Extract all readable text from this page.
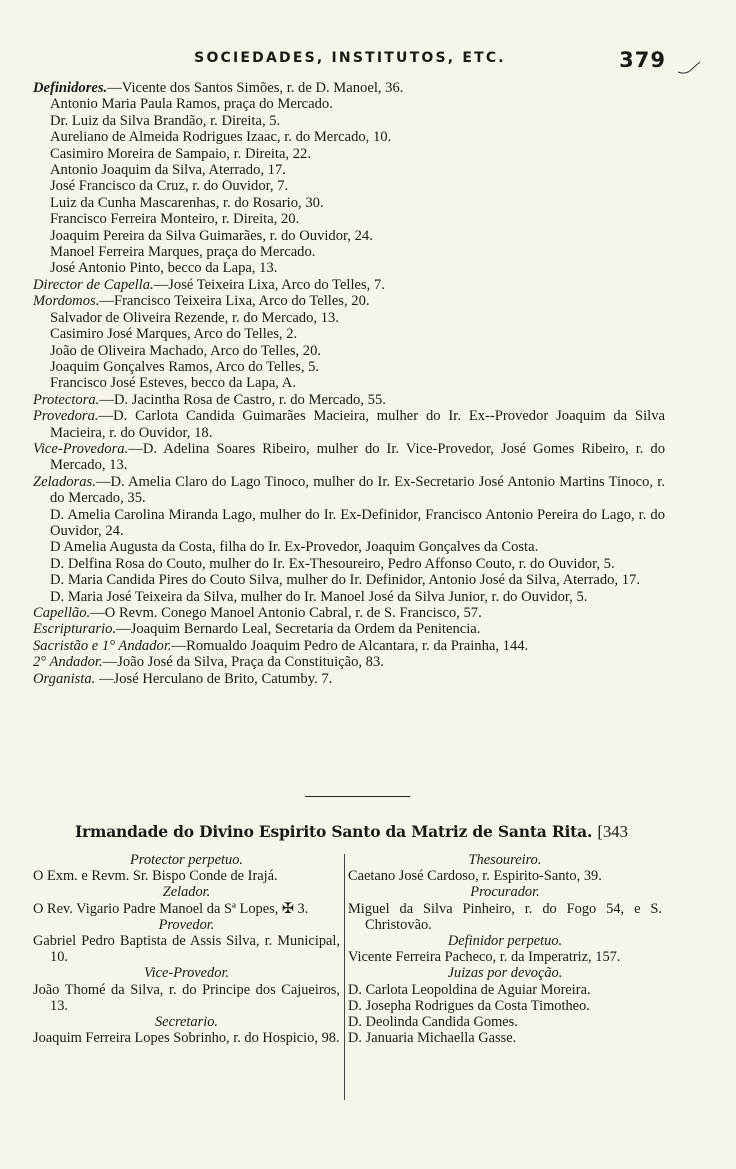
SOCIEDADES, INSTITUTOS, ETC.	379
Definidores.—Vicente dos Santos Simões, r. de D. Manoel, 36.
Antonio Maria Paula Ramos, praça do Mercado.
Dr. Luiz da Silva Brandão, r. Direita, 5.
Aureliano de Almeida Rodrigues Izaac, r. do Mercado, 10.
Casimiro Moreira de Sampaio, r. Direita, 22.
Antonio Joaquim da Silva, Aterrado, 17.
José Francisco da Cruz, r. do Ouvidor, 7.
Luiz da Cunha Mascarenhas, r. do Rosario, 30.
Francisco Ferreira Monteiro, r. Direita, 20.
Joaquim Pereira da Silva Guimarães, r. do Ouvidor, 24.
Manoel Ferreira Marques, praça do Mercado.
José Antonio Pinto, becco da Lapa, 13.
Director de Capella.—José Teixeira Lixa, Arco do Telles, 7.
Mordomos.—Francisco Teixeira Lixa, Arco do Telles, 20.
Salvador de Oliveira Rezende, r. do Mercado, 13.
Casimiro José Marques, Arco do Telles, 2.
João de Oliveira Machado, Arco do Telles, 20.
Joaquim Gonçalves Ramos, Arco do Telles, 5.
Francisco José Esteves, becco da Lapa, A.
Protectora.—D. Jacintha Rosa de Castro, r. do Mercado, 55.
Provedora.—D. Carlota Candida Guimarães Macieira, mulher do Ir. Ex--Provedor Joaquim da Silva Macieira, r. do Ouvidor, 18.
Vice-Provedora.—D. Adelina Soares Ribeiro, mulher do Ir. Vice-Provedor, José Gomes Ribeiro, r. do Mercado, 13.
Zeladoras.—D. Amelia Claro do Lago Tinoco, mulher do Ir. Ex-Secretario José Antonio Martins Tinoco, r. do Mercado, 35.
D. Amelia Carolina Miranda Lago, mulher do Ir. Ex-Definidor, Francisco Antonio Pereira do Lago, r. do Ouvidor, 24.
D Amelia Augusta da Costa, filha do Ir. Ex-Provedor, Joaquim Gonçalves da Costa.
D. Delfina Rosa do Couto, mulher do Ir. Ex-Thesoureiro, Pedro Affonso Couto, r. do Ouvidor, 5.
D. Maria Candida Pires do Couto Silva, mulher do Ir. Definidor, Antonio José da Silva, Aterrado, 17.
D. Maria José Teixeira da Silva, mulher do Ir. Manoel José da Silva Junior, r. do Ouvidor, 5.
Capellão.—O Revm. Conego Manoel Antonio Cabral, r. de S. Francisco, 57.
Escripturario.—Joaquim Bernardo Leal, Secretaria da Ordem da Penitencia.
Sacristão e 1° Andador.—Romualdo Joaquim Pedro de Alcantara, r. da Prainha, 144.
2° Andador.—João José da Silva, Praça da Constituição, 83.
Organista. —José Herculano de Brito, Catumby. 7.
Irmandade do Divino Espirito Santo da Matriz de Santa Rita. [343
Protector perpetuo.
O Exm. e Revm. Sr. Bispo Conde de Irajá.
Zelador.
O Rev. Vigario Padre Manoel da Sª Lopes, ✠ 3.
Provedor.
Gabriel Pedro Baptista de Assis Silva, r. Municipal, 10.
Vice-Provedor.
João Thomé da Silva, r. do Principe dos Cajueiros, 13.
Secretario.
Joaquim Ferreira Lopes Sobrinho, r. do Hospicio, 98.
Thesoureiro.
Caetano José Cardoso, r. Espirito-Santo, 39.
Procurador.
Miguel da Silva Pinheiro, r. do Fogo 54, e S. Christovão.
Definidor perpetuo.
Vicente Ferreira Pacheco, r. da Imperatriz, 157.
Juizas por devoção.
D. Carlota Leopoldina de Aguiar Moreira.
D. Josepha Rodrigues da Costa Timotheo.
D. Deolinda Candida Gomes.
D. Januaria Michaella Gasse.
